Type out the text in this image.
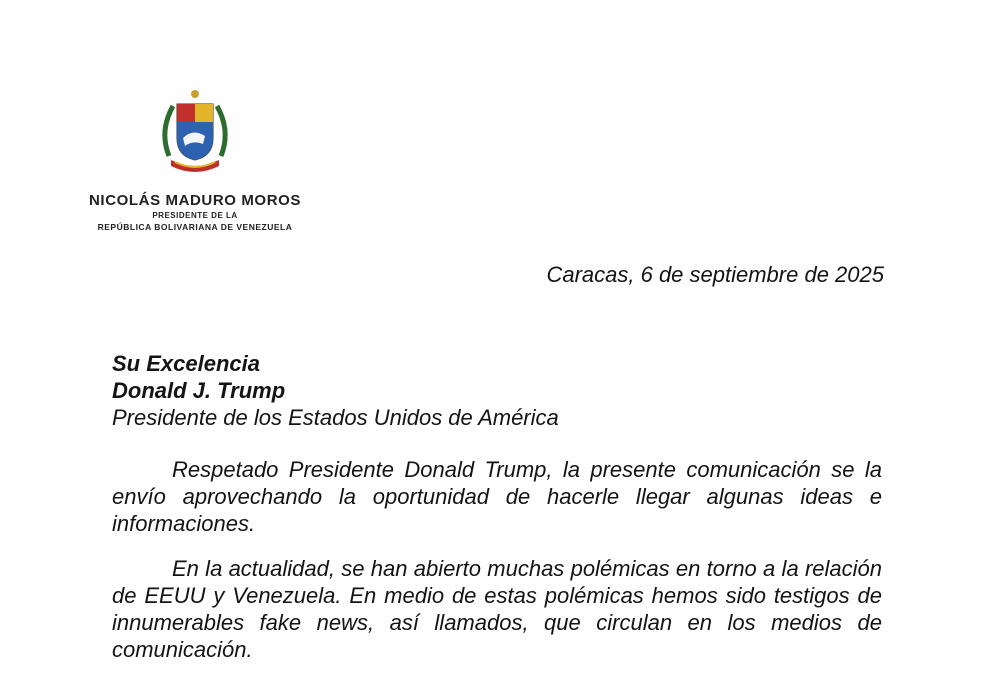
NICOLÁS MADURO MOROS
PRESIDENTE DE LA
REPÚBLICA BOLIVARIANA DE VENEZUELA
Caracas, 6 de septiembre de 2025
Su Excelencia
Donald J. Trump
Presidente de los Estados Unidos de América

Respetado Presidente Donald Trump, la presente comunicación se la envío aprovechando la oportunidad de hacerle llegar algunas ideas e informaciones.

En la actualidad, se han abierto muchas polémicas en torno a la relación de EEUU y Venezuela. En medio de estas polémicas hemos sido testigos de innumerables fake news, así llamados, que circulan en los medios de comunicación.
